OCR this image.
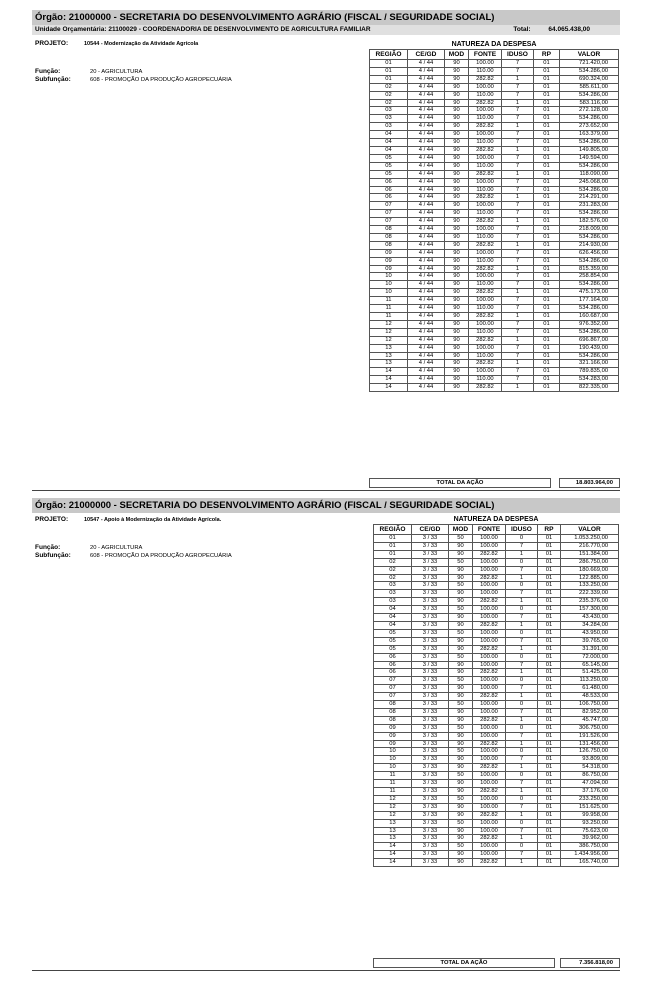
Órgão: 21000000 - SECRETARIA DO DESENVOLVIMENTO AGRÁRIO (FISCAL / SEGURIDADE SOCIAL)
Unidade Orçamentária: 21100029 - COORDENADORIA DE DESENVOLVIMENTO DE AGRICULTURA FAMILIAR	Total:	64.065.438,00
PROJETO:	10544 - Modernização da Atividade Agrícola
Função:	20 - AGRICULTURA
Subfunção:	608 - PROMOÇÃO DA PRODUÇÃO AGROPECUÁRIA
NATUREZA DA DESPESA						
REGIÃO	CE/GD	MOD	FONTE	IDUSO	RP	VALOR
01	4 / 44	90	100.00	7	01	721.420,00
01	4 / 44	90	110.00	7	01	534.286,00
01	4 / 44	90	282.82	1	01	690.324,00
02	4 / 44	90	100.00	7	01	585.611,00
02	4 / 44	90	110.00	7	01	534.286,00
02	4 / 44	90	282.82	1	01	583.116,00
03	4 / 44	90	100.00	7	01	272.128,00
03	4 / 44	90	110.00	7	01	534.286,00
03	4 / 44	90	282.82	1	01	273.652,00
04	4 / 44	90	100.00	7	01	163.379,00
04	4 / 44	90	110.00	7	01	534.286,00
04	4 / 44	90	282.82	1	01	149.805,00
05	4 / 44	90	100.00	7	01	149.594,00
05	4 / 44	90	110.00	7	01	534.286,00
05	4 / 44	90	282.82	1	01	118.090,00
06	4 / 44	90	100.00	7	01	245.068,00
06	4 / 44	90	110.00	7	01	534.286,00
06	4 / 44	90	282.82	1	01	214.291,00
07	4 / 44	90	100.00	7	01	231.283,00
07	4 / 44	90	110.00	7	01	534.286,00
07	4 / 44	90	282.82	1	01	182.576,00
08	4 / 44	90	100.00	7	01	218.009,00
08	4 / 44	90	110.00	7	01	534.286,00
08	4 / 44	90	282.82	1	01	214.930,00
09	4 / 44	90	100.00	7	01	626.456,00
09	4 / 44	90	110.00	7	01	534.286,00
09	4 / 44	90	282.82	1	01	815.359,00
10	4 / 44	90	100.00	7	01	258.854,00
10	4 / 44	90	110.00	7	01	534.286,00
10	4 / 44	90	282.82	1	01	475.173,00
11	4 / 44	90	100.00	7	01	177.164,00
11	4 / 44	90	110.00	7	01	534.286,00
11	4 / 44	90	282.82	1	01	160.687,00
12	4 / 44	90	100.00	7	01	976.352,00
12	4 / 44	90	110.00	7	01	534.286,00
12	4 / 44	90	282.82	1	01	696.867,00
13	4 / 44	90	100.00	7	01	190.439,00
13	4 / 44	90	110.00	7	01	534.286,00
13	4 / 44	90	282.82	1	01	321.166,00
14	4 / 44	90	100.00	7	01	789.835,00
14	4 / 44	90	110.00	7	01	534.283,00
14	4 / 44	90	282.82	1	01	822.335,00
TOTAL DA AÇÃO	18.803.964,00
Órgão: 21000000 - SECRETARIA DO DESENVOLVIMENTO AGRÁRIO (FISCAL / SEGURIDADE SOCIAL)
PROJETO:	10547 - Apoio à Modernização da Atividade Agrícola.
Função:	20 - AGRICULTURA
Subfunção:	608 - PROMOÇÃO DA PRODUÇÃO AGROPECUÁRIA
NATUREZA DA DESPESA						
REGIÃO	CE/GD	MOD	FONTE	IDUSO	RP	VALOR
01	3 / 33	50	100.00	0	01	1.053.250,00
01	3 / 33	90	100.00	7	01	216.770,00
01	3 / 33	90	282.82	1	01	151.384,00
02	3 / 33	50	100.00	0	01	286.750,00
02	3 / 33	90	100.00	7	01	180.669,00
02	3 / 33	90	282.82	1	01	122.885,00
03	3 / 33	50	100.00	0	01	133.250,00
03	3 / 33	90	100.00	7	01	222.339,00
03	3 / 33	90	282.82	1	01	235.376,00
04	3 / 33	50	100.00	0	01	157.300,00
04	3 / 33	90	100.00	7	01	43.430,00
04	3 / 33	90	282.82	1	01	34.284,00
05	3 / 33	50	100.00	0	01	43.950,00
05	3 / 33	90	100.00	7	01	39.765,00
05	3 / 33	90	282.82	1	01	31.391,00
06	3 / 33	50	100.00	0	01	72.000,00
06	3 / 33	90	100.00	7	01	65.145,00
06	3 / 33	90	282.82	1	01	51.425,00
07	3 / 33	50	100.00	0	01	113.250,00
07	3 / 33	90	100.00	7	01	61.480,00
07	3 / 33	90	282.82	1	01	48.533,00
08	3 / 33	50	100.00	0	01	106.750,00
08	3 / 33	90	100.00	7	01	82.952,00
08	3 / 33	90	282.82	1	01	45.747,00
09	3 / 33	50	100.00	0	01	306.750,00
09	3 / 33	90	100.00	7	01	191.526,00
09	3 / 33	90	282.82	1	01	131.456,00
10	3 / 33	50	100.00	0	01	126.750,00
10	3 / 33	90	100.00	7	01	93.809,00
10	3 / 33	90	282.82	1	01	54.318,00
11	3 / 33	50	100.00	0	01	86.750,00
11	3 / 33	90	100.00	7	01	47.094,00
11	3 / 33	90	282.82	1	01	37.176,00
12	3 / 33	50	100.00	0	01	233.250,00
12	3 / 33	90	100.00	7	01	151.625,00
12	3 / 33	90	282.82	1	01	99.958,00
13	3 / 33	50	100.00	0	01	93.250,00
13	3 / 33	90	100.00	7	01	75.623,00
13	3 / 33	90	282.82	1	01	39.962,00
14	3 / 33	50	100.00	0	01	386.750,00
14	3 / 33	90	100.00	7	01	1.434.956,00
14	3 / 33	90	282.82	1	01	165.740,00
TOTAL DA AÇÃO	7.356.818,00
